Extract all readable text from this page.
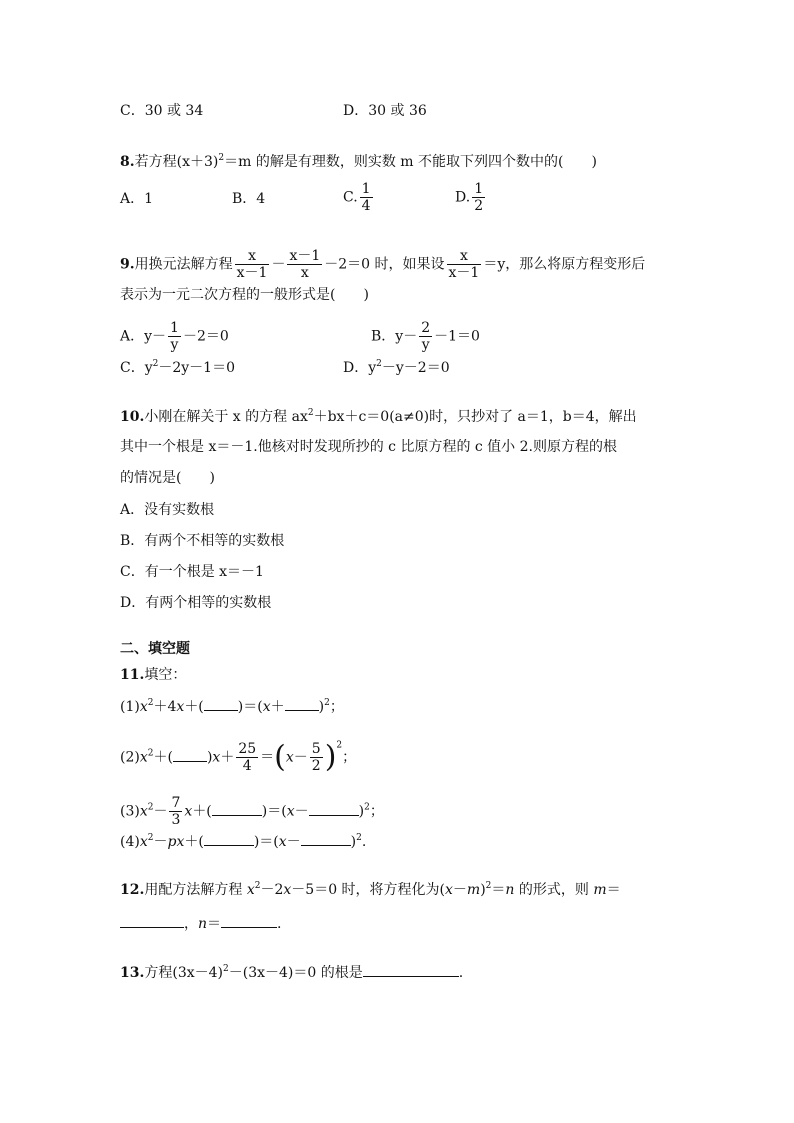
C．30 或 34	D．30 或 36
8.若方程$(x+3)^2=m$ 的解是有理数，则实数 m 不能取下列四个数中的(　　)
A．1	B．4	C. $\frac{1}{4}$	D. $\frac{1}{2}$
9.用换元法解方程 $\frac{x}{x-1} - \frac{x-1}{x} -2=0$ 时，如果设 $\frac{x}{x-1} =y$，那么将原方程变形后
表示为一元二次方程的一般形式是(　　)
A．$y- \frac{1}{y} -2=0$	B．$y- \frac{2}{y} -1=0$
C．$y^2-2y-1=0$	D．$y^2-y-2=0$
10.小刚在解关于 x 的方程 $ax^2+bx+c=0(a\ne 0)$时，只抄对了 a＝1，b＝4，解出
其中一个根是 x＝－1.他核对时发现所抄的 c 比原方程的 c 值小 2.则原方程的根
的情况是(　　)
A．没有实数根
B．有两个不相等的实数根
C．有一个根是 x＝－1
D．有两个相等的实数根
二、填空题
11.填空：
$(1)x^2+4x+$( )$=(x+ )^2$；
$(2)x^2+$( )$x+ \frac{25}{4} =(x- \frac{5}{2} )^2$；
$(3)x^2- \frac{7}{3} x+$(	)＝(x－	)$^2$；
$(4)x^2-px+$(	)＝(x－	)$^2$.
12.用配方法解方程 $x^2-2x-5=0$ 时，将方程化为$(x-m)^2=n$ 的形式，则 m＝
，n＝	.
13.方程$(3x-4)^2-(3x-4)=0$ 的根是	.
